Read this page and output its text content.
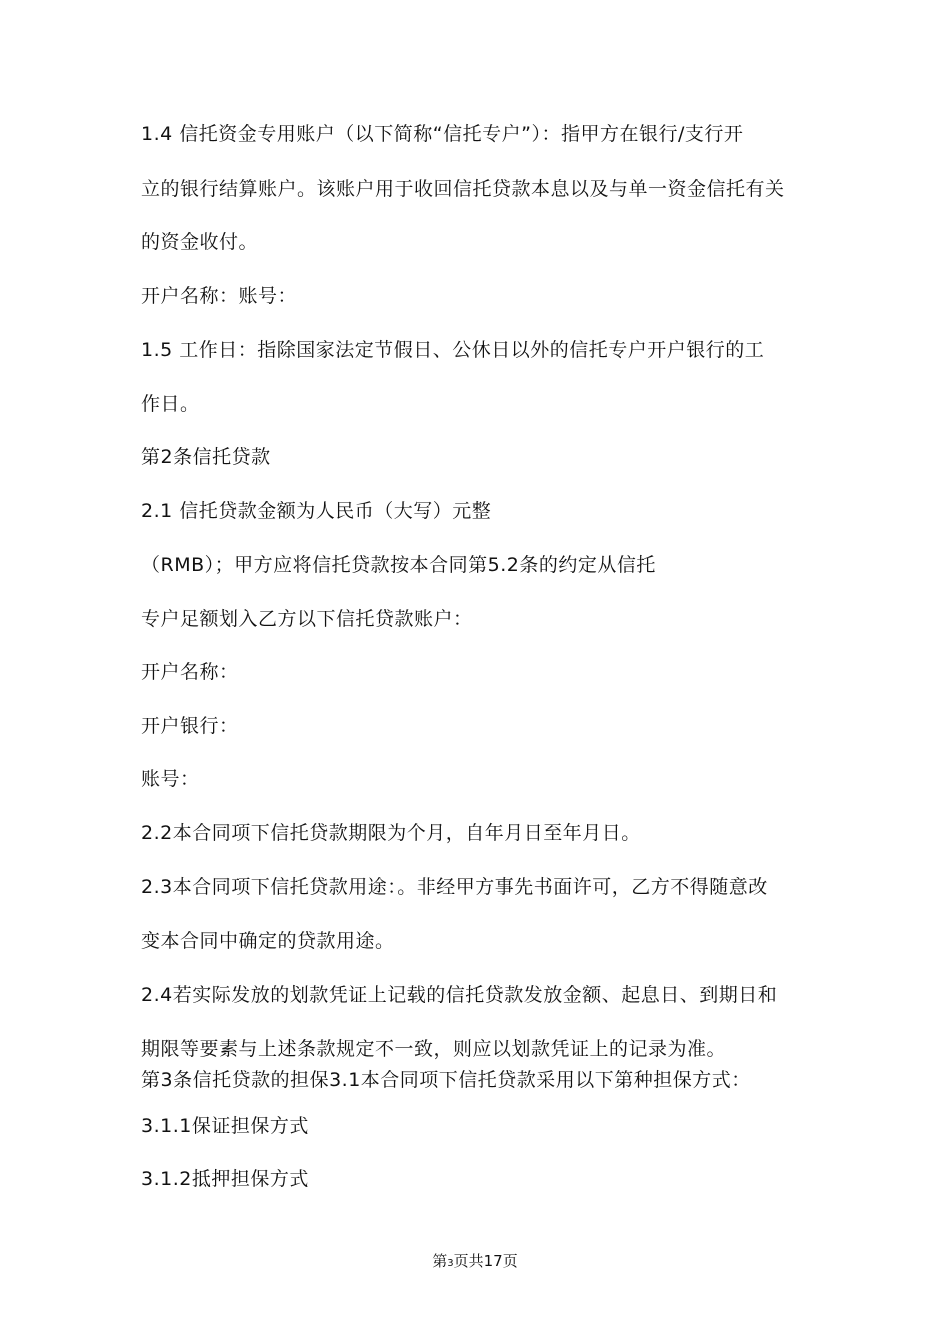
1.4 信托资金专用账户（以下简称“信托专户”）：指甲方在银行/支行开
立的银行结算账户。该账户用于收回信托贷款本息以及与单一资金信托有关
的资金收付。
开户名称：账号：
1.5 工作日：指除国家法定节假日、公休日以外的信托专户开户银行的工
作日。
第2条信托贷款
2.1 信托贷款金额为人民币（大写）元整
（RMB）；甲方应将信托贷款按本合同第5.2条的约定从信托
专户足额划入乙方以下信托贷款账户：
开户名称：
开户银行：
账号：
2.2本合同项下信托贷款期限为个月，自年月日至年月日。
2.3本合同项下信托贷款用途：。非经甲方事先书面许可，乙方不得随意改
变本合同中确定的贷款用途。
2.4若实际发放的划款凭证上记载的信托贷款发放金额、起息日、到期日和
期限等要素与上述条款规定不一致，则应以划款凭证上的记录为准。
第3条信托贷款的担保3.1本合同项下信托贷款采用以下第种担保方式：
3.1.1保证担保方式
3.1.2抵押担保方式
第3页共17页
